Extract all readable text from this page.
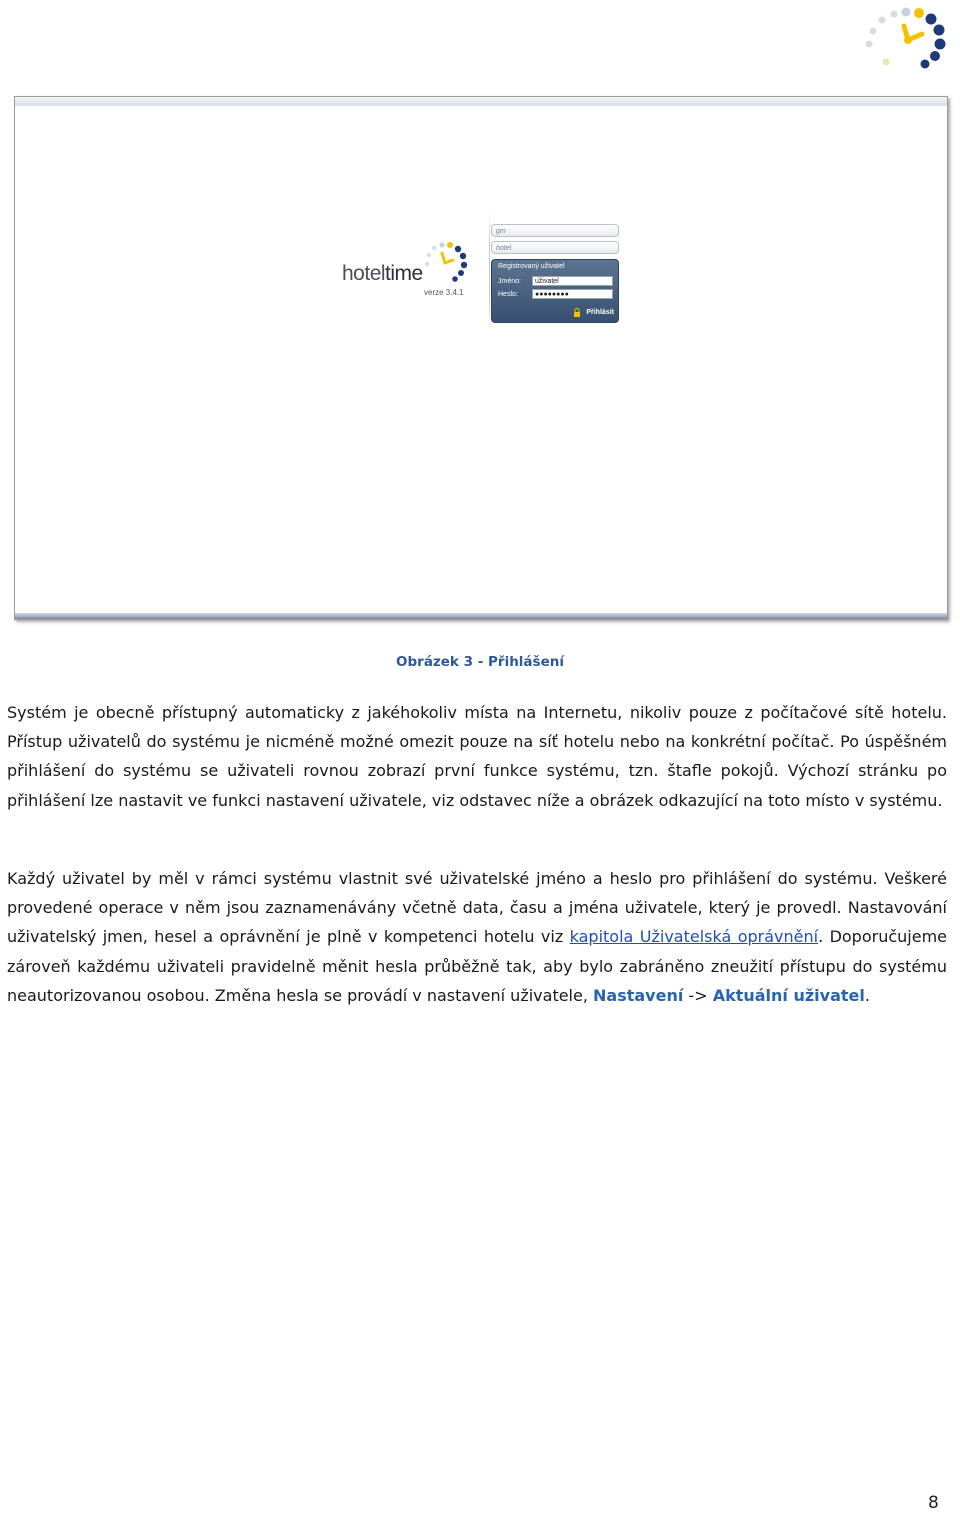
hoteltime
verze 3.4.1
gm
hotel
Registrovaný uživatel
Jméno:	uživatel
Heslo:	●●●●●●●●
Přihlásit
Obrázek 3 - Přihlášení
Systém je obecně přístupný automaticky z jakéhokoliv místa na Internetu, nikoliv pouze z počítačové sítě hotelu. Přístup uživatelů do systému je nicméně možné omezit pouze na síť hotelu nebo na konkrétní počítač. Po úspěšném přihlášení do systému se uživateli rovnou zobrazí první funkce systému, tzn. štafle pokojů. Výchozí stránku po přihlášení lze nastavit ve funkci nastavení uživatele, viz odstavec níže a obrázek odkazující na toto místo v systému.
Každý uživatel by měl v rámci systému vlastnit své uživatelské jméno a heslo pro přihlášení do systému. Veškeré provedené operace v něm jsou zaznamenávány včetně data, času a jména uživatele, který je provedl. Nastavování uživatelský jmen, hesel a oprávnění je plně v kompetenci hotelu viz kapitola Uživatelská oprávnění. Doporučujeme zároveň každému uživateli pravidelně měnit hesla průběžně tak, aby bylo zabráněno zneužití přístupu do systému neautorizovanou osobou. Změna hesla se provádí v nastavení uživatele, Nastavení -> Aktuální uživatel.
8
